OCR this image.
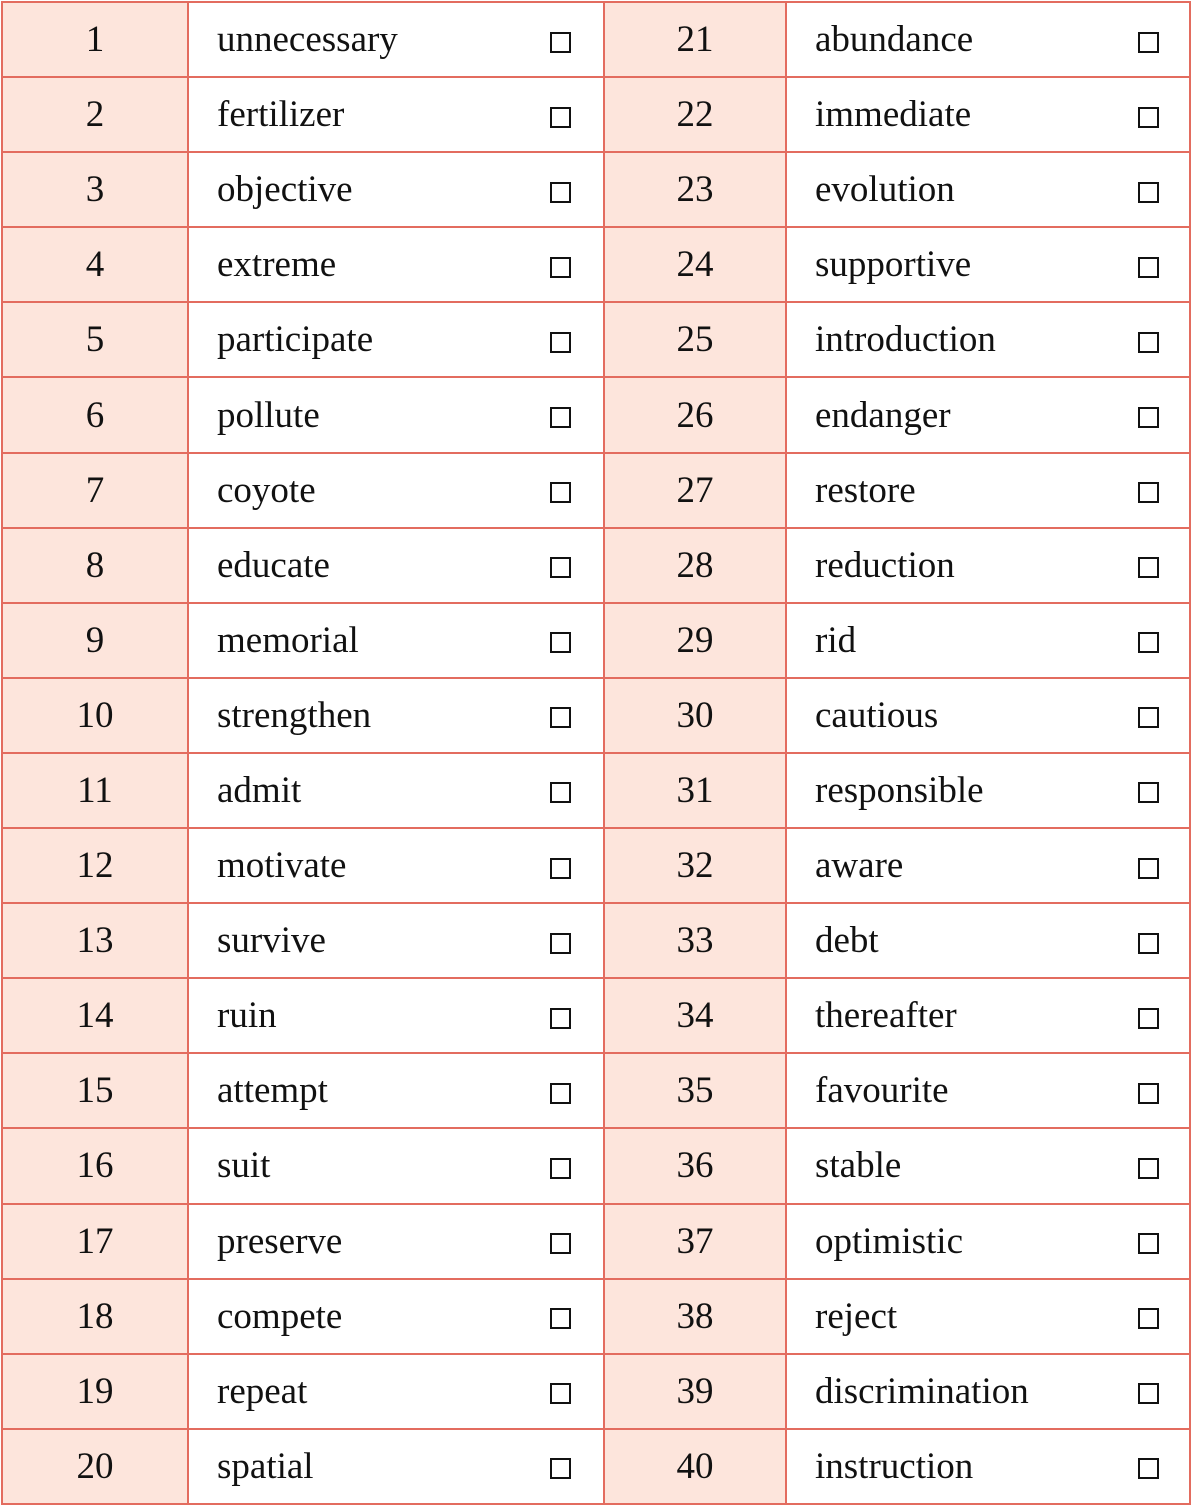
1	unnecessary	21	abundance

2	fertilizer	22	immediate

3	objective	23	evolution

4	extreme	24	supportive

5	participate	25	introduction

6	pollute	26	endanger

7	coyote	27	restore

8	educate	28	reduction

9	memorial	29	rid

10	strengthen	30	cautious

11	admit	31	responsible

12	motivate	32	aware

13	survive	33	debt

14	ruin	34	thereafter

15	attempt	35	favourite

16	suit	36	stable

17	preserve	37	optimistic

18	compete	38	reject

19	repeat	39	discrimination

20	spatial	40	instruction
